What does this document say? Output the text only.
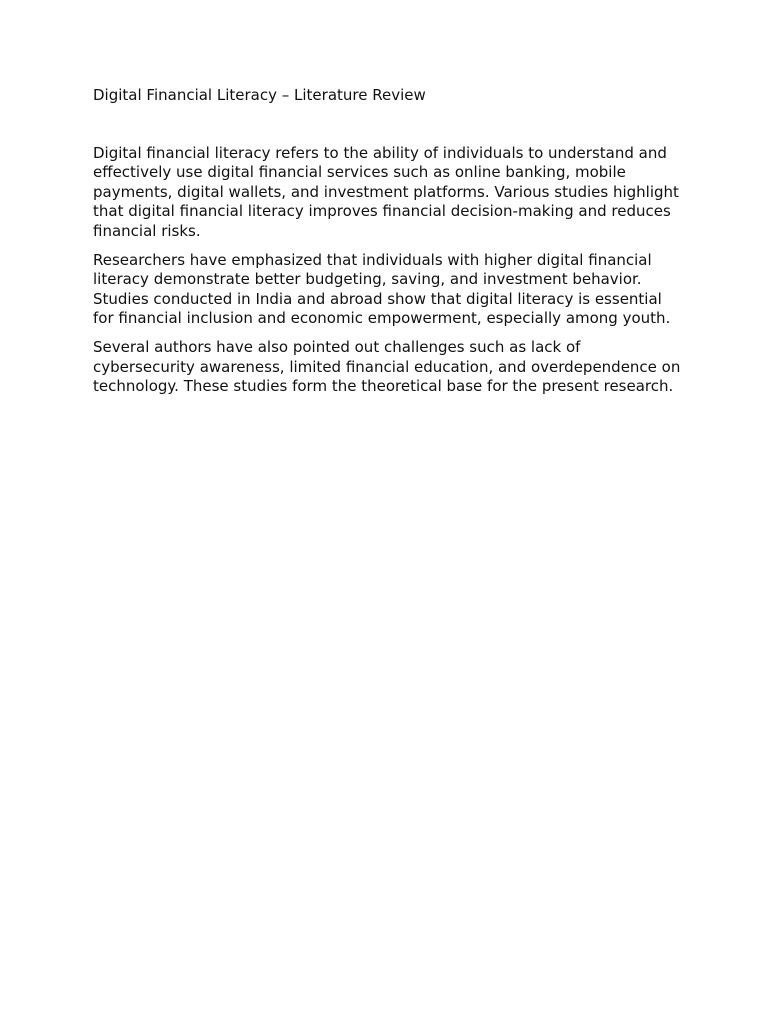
Digital Financial Literacy – Literature Review

Digital financial literacy refers to the ability of individuals to understand and effectively use digital financial services such as online banking, mobile payments, digital wallets, and investment platforms. Various studies highlight that digital financial literacy improves financial decision-making and reduces financial risks.

Researchers have emphasized that individuals with higher digital financial literacy demonstrate better budgeting, saving, and investment behavior. Studies conducted in India and abroad show that digital literacy is essential for financial inclusion and economic empowerment, especially among youth.

Several authors have also pointed out challenges such as lack of cybersecurity awareness, limited financial education, and overdependence on technology. These studies form the theoretical base for the present research.
